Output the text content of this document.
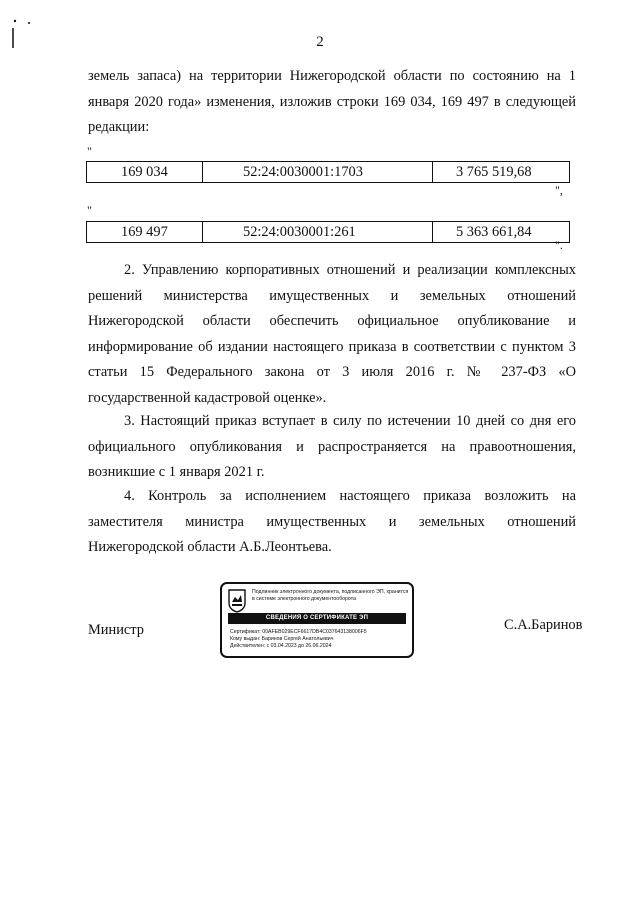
2
земель запаса) на территории Нижегородской области по состоянию на 1 января 2020 года» изменения, изложив строки 169 034, 169 497 в следующей редакции:
"
169 034	52:24:0030001:1703	3 765 519,68
",
"
169 497	52:24:0030001:261	5 363 661,84
".
2. Управлению корпоративных отношений и реализации комплексных решений министерства имущественных и земельных отношений Нижегородской области обеспечить официальное опубликование и информирование об издании настоящего приказа в соответствии с пунктом 3 статьи 15 Федерального закона от 3 июля 2016 г. № 237-ФЗ «О государственной кадастровой оценке».
3. Настоящий приказ вступает в силу по истечении 10 дней со дня его официального опубликования и распространяется на правоотношения, возникшие с 1 января 2021 г.
4. Контроль за исполнением настоящего приказа возложить на заместителя министра имущественных и земельных отношений Нижегородской области А.Б.Леонтьева.
Министр
Подлинник электронного документа, подписанного ЭП, хранится в системе электронного документооборота
СВЕДЕНИЯ О СЕРТИФИКАТЕ ЭП
Сертификат: 00AFEB029ECF6617DB4C037643138006F5
Кому выдан: Баринов Сергей Анатольевич
Действителен: с 03.04.2023 до 26.06.2024
С.А.Баринов
